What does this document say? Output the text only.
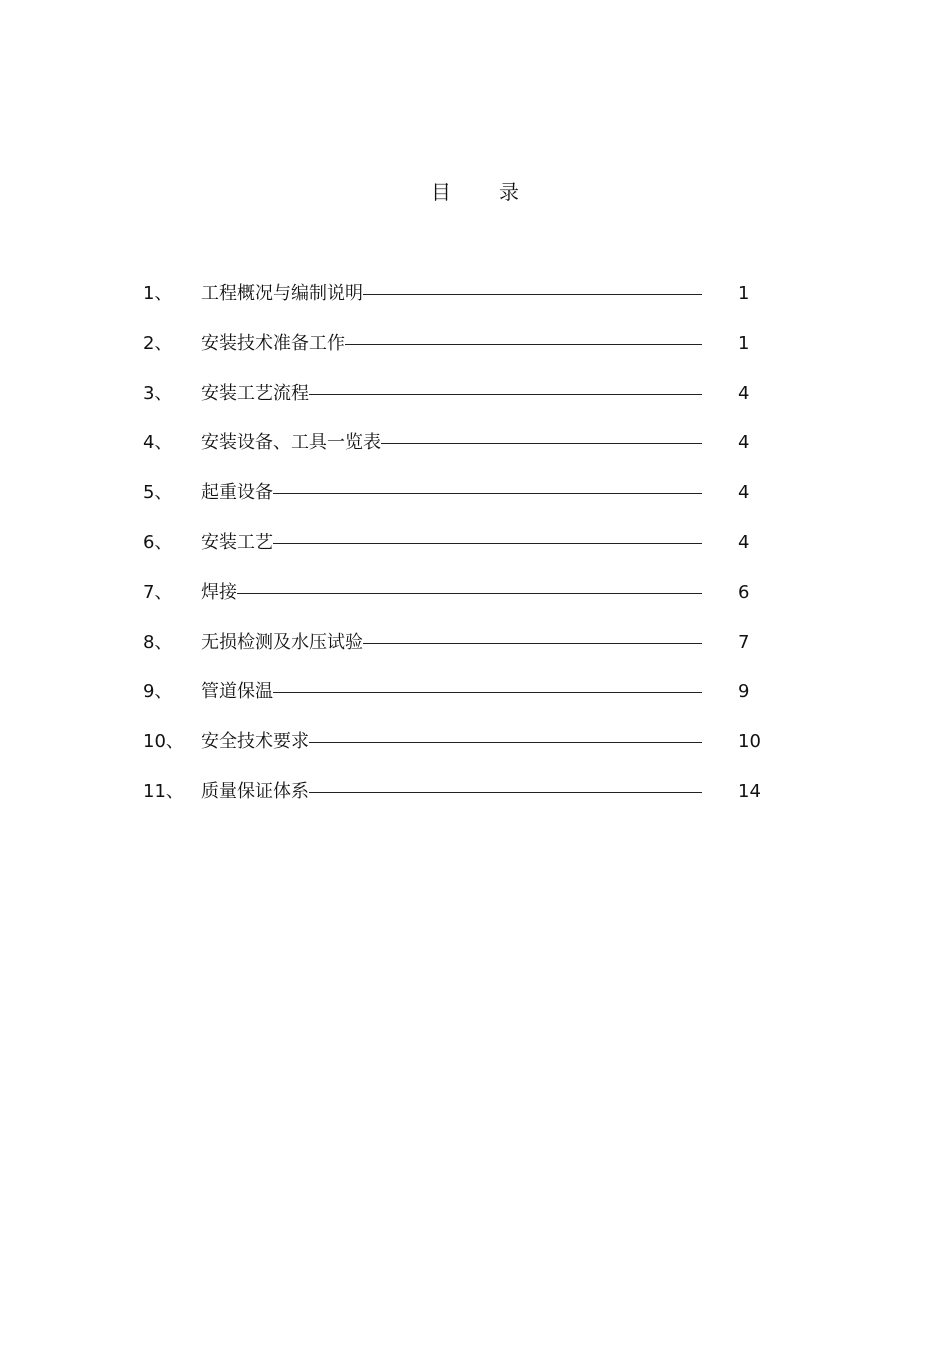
目 录
1、 工程概况与编制说明	1
2、 安装技术准备工作	1
3、 安装工艺流程	4
4、 安装设备、工具一览表	4
5、 起重设备	4
6、 安装工艺	4
7、 焊接	6
8、 无损检测及水压试验	7
9、 管道保温	9
10、 安全技术要求	10
11、 质量保证体系	14
